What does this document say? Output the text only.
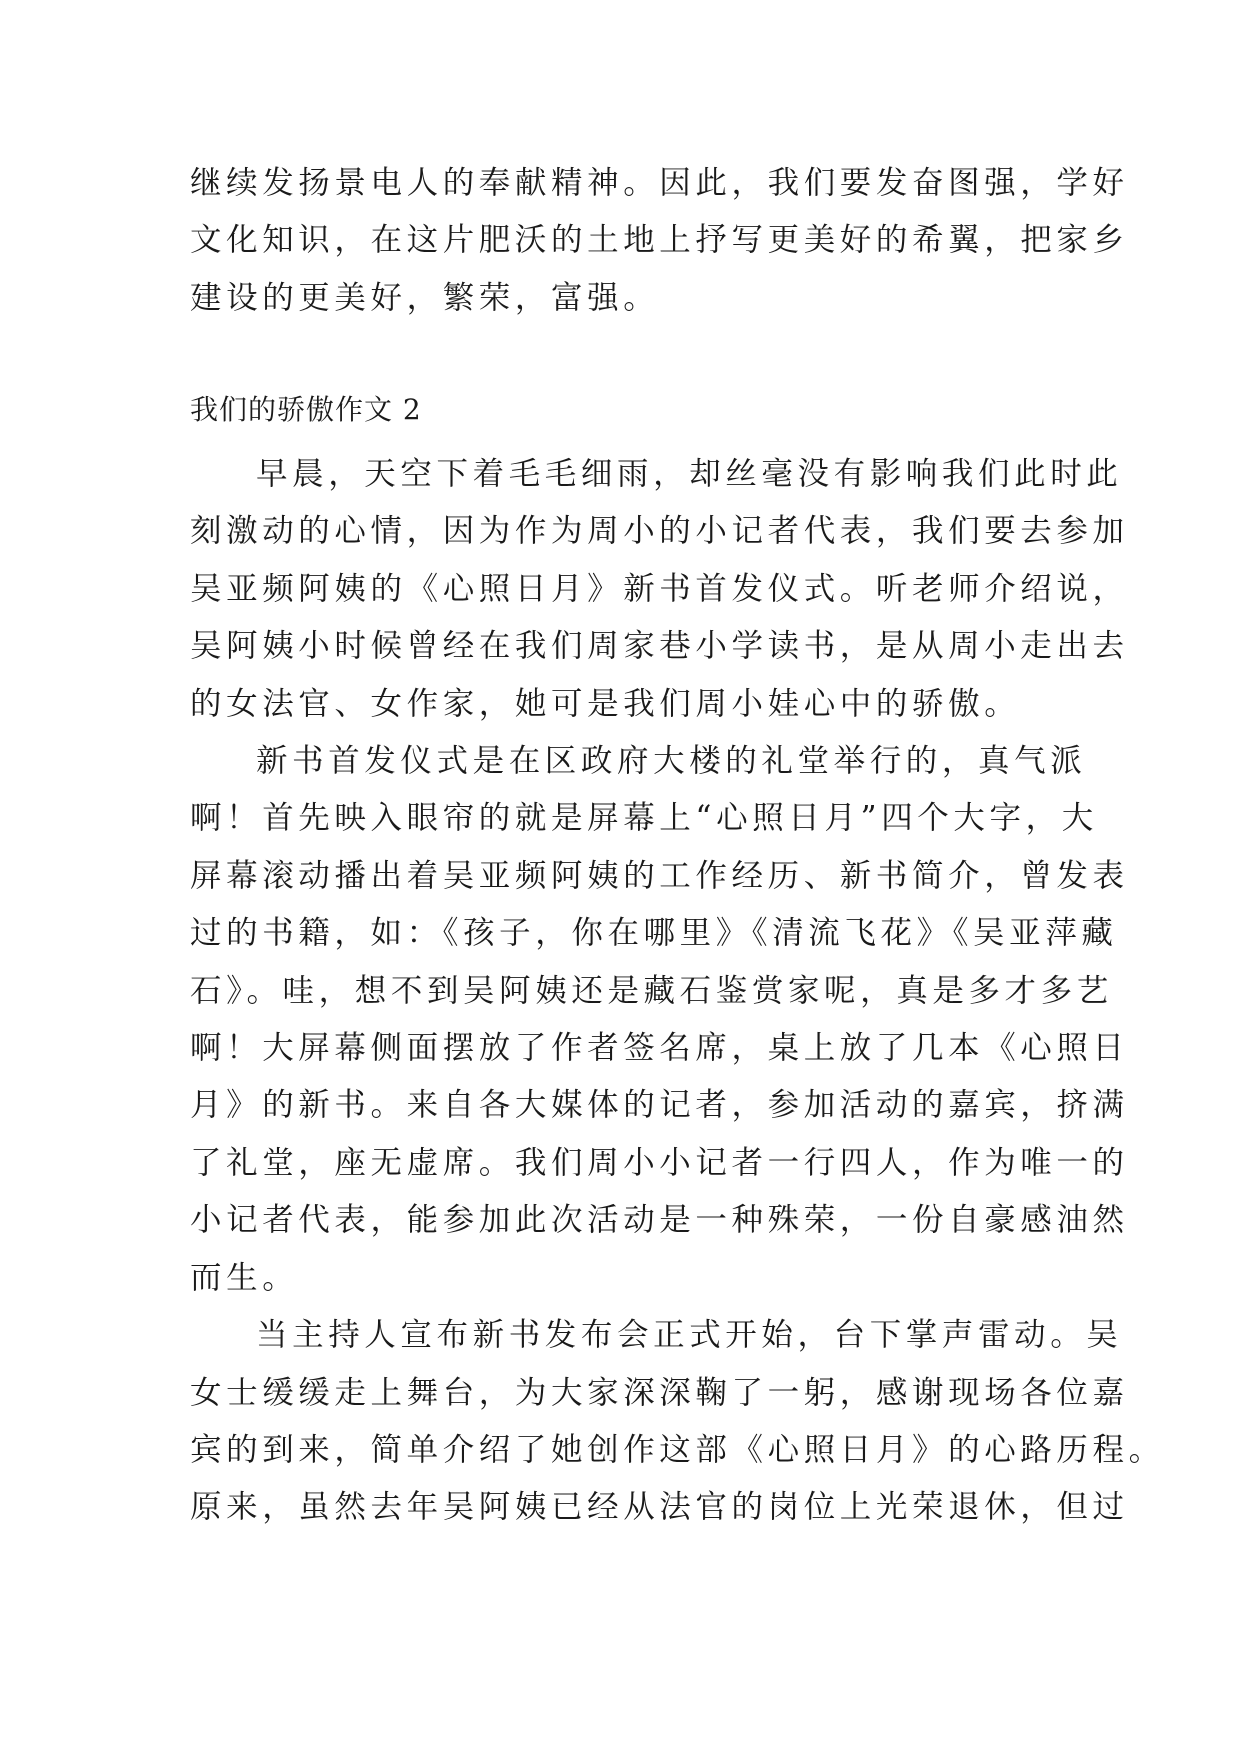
继续发扬景电人的奉献精神。因此，我们要发奋图强，学好
文化知识，在这片肥沃的土地上抒写更美好的希翼，把家乡
建设的更美好，繁荣，富强。
我们的骄傲作文 2
早晨，天空下着毛毛细雨，却丝毫没有影响我们此时此
刻激动的心情，因为作为周小的小记者代表，我们要去参加
吴亚频阿姨的《心照日月》新书首发仪式。听老师介绍说，
吴阿姨小时候曾经在我们周家巷小学读书，是从周小走出去
的女法官、女作家，她可是我们周小娃心中的骄傲。
新书首发仪式是在区政府大楼的礼堂举行的，真气派
啊！首先映入眼帘的就是屏幕上“心照日月”四个大字，大
屏幕滚动播出着吴亚频阿姨的工作经历、新书简介，曾发表
过的书籍，如：《孩子，你在哪里》《清流飞花》《吴亚萍藏
石》。哇，想不到吴阿姨还是藏石鉴赏家呢，真是多才多艺
啊！大屏幕侧面摆放了作者签名席，桌上放了几本《心照日
月》的新书。来自各大媒体的记者，参加活动的嘉宾，挤满
了礼堂，座无虚席。我们周小小记者一行四人，作为唯一的
小记者代表，能参加此次活动是一种殊荣，一份自豪感油然
而生。
当主持人宣布新书发布会正式开始，台下掌声雷动。吴
女士缓缓走上舞台，为大家深深鞠了一躬，感谢现场各位嘉
宾的到来，简单介绍了她创作这部《心照日月》的心路历程。
原来，虽然去年吴阿姨已经从法官的岗位上光荣退休，但过
